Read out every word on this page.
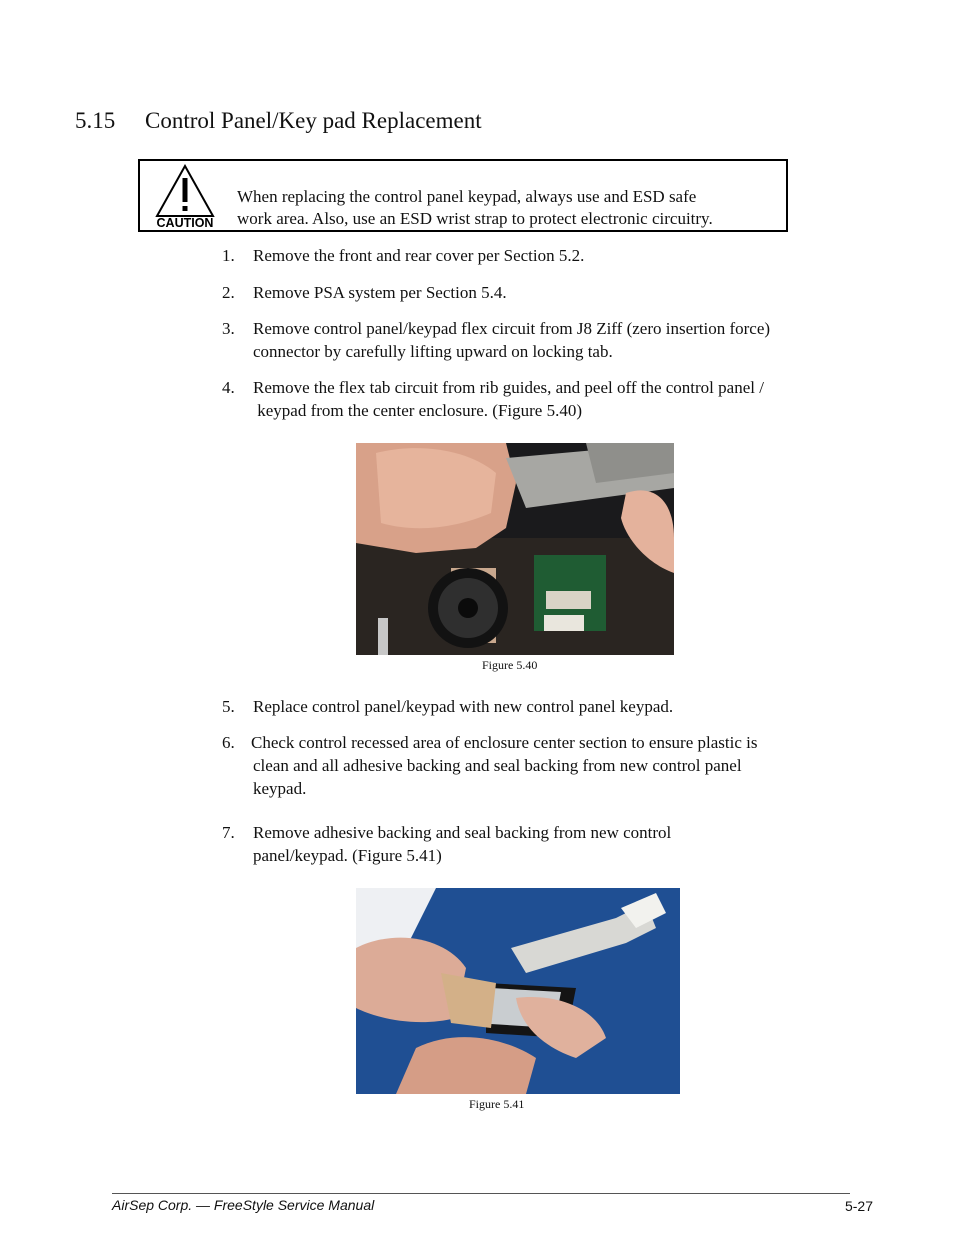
5.15 Control Panel/Key pad Replacement
CAUTION
When replacing the control panel keypad, always use and ESD safe
work area. Also, use an ESD wrist strap to protect electronic circuitry.
1. Remove the front and rear cover per Section 5.2.
2. Remove PSA system per Section 5.4.
3. Remove control panel/keypad flex circuit from J8 Ziff (zero insertion force)
connector by carefully lifting upward on locking tab.
4. Remove the flex tab circuit from rib guides, and peel off the control panel /
keypad from the center enclosure. (Figure 5.40)
Figure 5.40
5. Replace control panel/keypad with new control panel keypad.
6. Check control recessed area of enclosure center section to ensure plastic is
clean and all adhesive backing and seal backing from new control panel
keypad.
7. Remove adhesive backing and seal backing from new control
panel/keypad. (Figure 5.41)
Figure 5.41
AirSep Corp. — FreeStyle Service Manual	5-27
